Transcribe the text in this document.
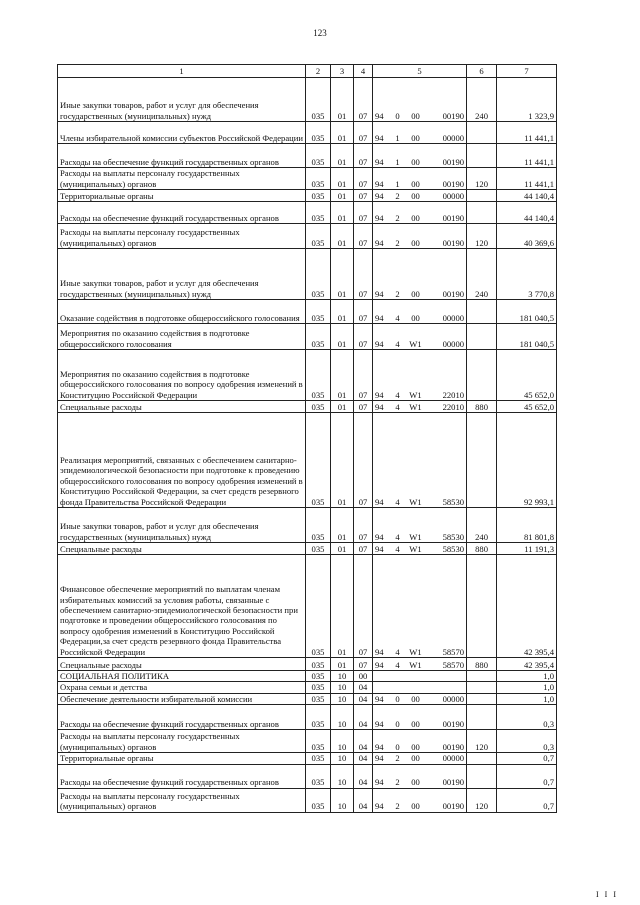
123
1	2	3	4	5				6	7
Иные закупки товаров, работ и услуг для обеспечения государственных (муниципальных) нужд	035	01	07	94	0	00	00190	240	1 323,9
Члены избирательной комиссии субъектов Российской Федерации	035	01	07	94	1	00	00000		11 441,1
Расходы на обеспечение функций государственных органов	035	01	07	94	1	00	00190		11 441,1
Расходы на выплаты персоналу государственных (муниципальных) органов	035	01	07	94	1	00	00190	120	11 441,1
Территориальные органы	035	01	07	94	2	00	00000		44 140,4
Расходы на обеспечение функций государственных органов	035	01	07	94	2	00	00190		44 140,4
Расходы на выплаты персоналу государственных (муниципальных) органов	035	01	07	94	2	00	00190	120	40 369,6
Иные закупки товаров, работ и услуг для обеспечения государственных (муниципальных) нужд	035	01	07	94	2	00	00190	240	3 770,8
Оказание содействия в подготовке общероссийского голосования	035	01	07	94	4	00	00000		181 040,5
Мероприятия по оказанию содействия в подготовке общероссийского голосования	035	01	07	94	4	W1	00000		181 040,5
Мероприятия по оказанию содействия в подготовке общероссийского голосования по вопросу одобрения изменений в Конституцию Российской Федерации	035	01	07	94	4	W1	22010		45 652,0
Специальные расходы	035	01	07	94	4	W1	22010	880	45 652,0
Реализация мероприятий, связанных с обеспечением санитарно-эпидемиологической безопасности при подготовке к проведению общероссийского голосования по вопросу одобрения изменений в Конституцию Российской Федерации, за счет средств резервного фонда Правительства Российской Федерации	035	01	07	94	4	W1	58530		92 993,1
Иные закупки товаров, работ и услуг для обеспечения государственных (муниципальных) нужд	035	01	07	94	4	W1	58530	240	81 801,8
Специальные расходы	035	01	07	94	4	W1	58530	880	11 191,3
Финансовое обеспечение мероприятий по выплатам членам избирательных комиссий за условия работы, связанные с обеспечением санитарно-эпидемиологической безопасности при подготовке и проведении общероссийского голосования по вопросу одобрения изменений в Конституцию Российской Федерации,за счет средств резервного фонда Правительства Российской Федерации	035	01	07	94	4	W1	58570		42 395,4
Специальные расходы	035	01	07	94	4	W1	58570	880	42 395,4
СОЦИАЛЬНАЯ ПОЛИТИКА	035	10	00						1,0
Охрана семьи и детства	035	10	04						1,0
Обеспечение деятельности избирательной комиссии	035	10	04	94	0	00	00000		1,0
Расходы на обеспечение функций государственных органов	035	10	04	94	0	00	00190		0,3
Расходы на выплаты персоналу государственных (муниципальных) органов	035	10	04	94	0	00	00190	120	0,3
Территориальные органы	035	10	04	94	2	00	00000		0,7
Расходы на обеспечение функций государственных органов	035	10	04	94	2	00	00190		0,7
Расходы на выплаты персоналу государственных (муниципальных) органов	035	10	04	94	2	00	00190	120	0,7
I I I
